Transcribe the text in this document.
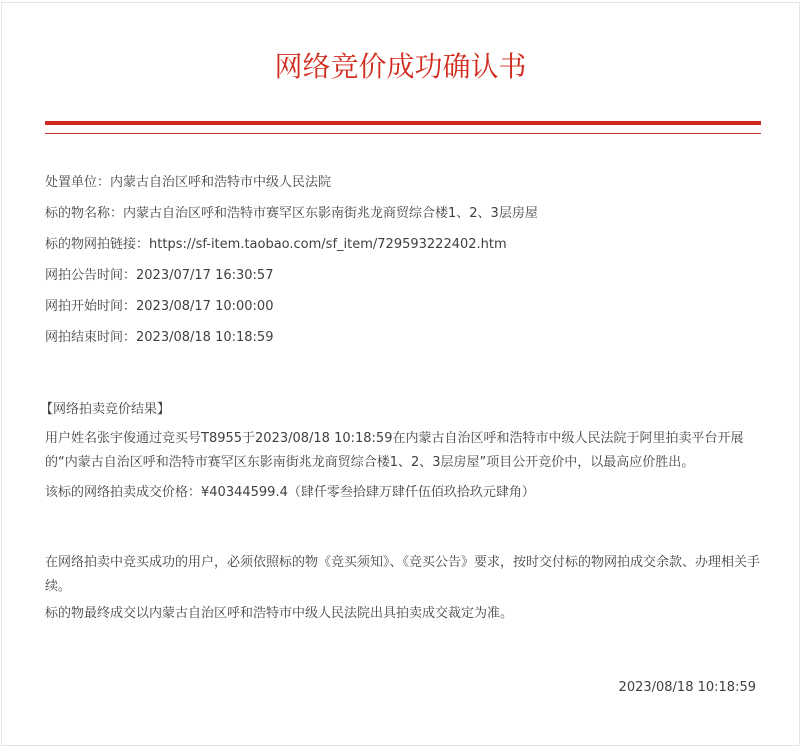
网络竞价成功确认书
处置单位：内蒙古自治区呼和浩特市中级人民法院
标的物名称：内蒙古自治区呼和浩特市赛罕区东影南街兆龙商贸综合楼1、2、3层房屋
标的物网拍链接：https://sf-item.taobao.com/sf_item/729593222402.htm
网拍公告时间：2023/07/17 16:30:57
网拍开始时间：2023/08/17 10:00:00
网拍结束时间：2023/08/18 10:18:59
【网络拍卖竞价结果】
用户姓名张宇俊通过竞买号T8955于2023/08/18 10:18:59在内蒙古自治区呼和浩特市中级人民法院于阿里拍卖平台开展的“内蒙古自治区呼和浩特市赛罕区东影南街兆龙商贸综合楼1、2、3层房屋”项目公开竞价中，以最高应价胜出。
该标的网络拍卖成交价格：¥40344599.4（肆仟零叁拾肆万肆仟伍佰玖拾玖元肆角）
在网络拍卖中竞买成功的用户，必须依照标的物《竞买须知》、《竞买公告》要求，按时交付标的物网拍成交余款、办理相关手续。
标的物最终成交以内蒙古自治区呼和浩特市中级人民法院出具拍卖成交裁定为准。
2023/08/18 10:18:59
